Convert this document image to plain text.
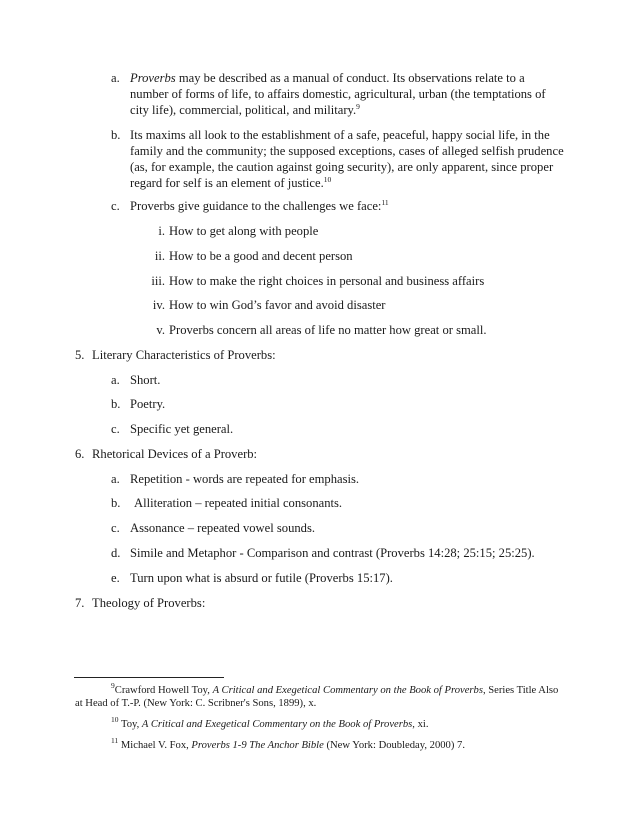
a. Proverbs may be described as a manual of conduct. Its observations relate to a
number of forms of life, to affairs domestic, agricultural, urban (the temptations of
city life), commercial, political, and military.$^9$
b. Its maxims all look to the establishment of a safe, peaceful, happy social life, in the
family and the community; the supposed exceptions, cases of alleged selfish prudence
(as, for example, the caution against going security), are only apparent, since proper
regard for self is an element of justice.$^{10}$
c. Proverbs give guidance to the challenges we face:$^{11}$
i. How to get along with people
ii. How to be a good and decent person
iii. How to make the right choices in personal and business affairs
iv. How to win God’s favor and avoid disaster
v. Proverbs concern all areas of life no matter how great or small.
5. Literary Characteristics of Proverbs:
a. Short.
b. Poetry.
c. Specific yet general.
6. Rhetorical Devices of a Proverb:
a. Repetition - words are repeated for emphasis.
b. Alliteration – repeated initial consonants.
c. Assonance – repeated vowel sounds.
d. Simile and Metaphor - Comparison and contrast (Proverbs 14:28; 25:15; 25:25).
e. Turn upon what is absurd or futile (Proverbs 15:17).
7. Theology of Proverbs:
$^9$Crawford Howell Toy, A Critical and Exegetical Commentary on the Book of Proverbs, Series Title Also
at Head of T.-P. (New York: C. Scribner's Sons, 1899), x.
$^{10}$ Toy, A Critical and Exegetical Commentary on the Book of Proverbs, xi.
$^{11}$ Michael V. Fox, Proverbs 1-9 The Anchor Bible (New York: Doubleday, 2000) 7.
